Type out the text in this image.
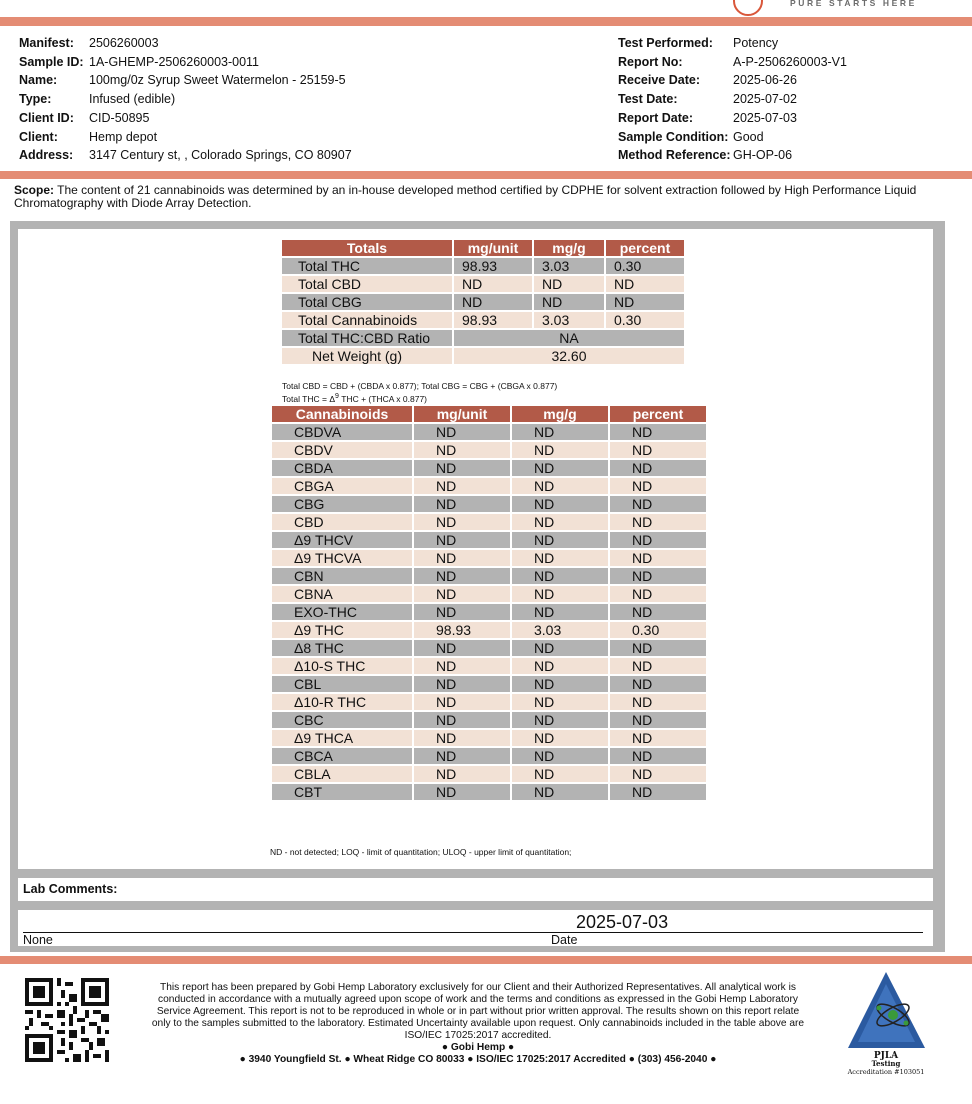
PURE STARTS HERE
Manifest:	2506260003
Sample ID: 1A-GHEMP-2506260003-0011
Name:	100mg/0z Syrup Sweet Watermelon - 25159-5
Type:	Infused (edible)
Client ID:	CID-50895
Client:	Hemp depot
Address:	3147 Century st, , Colorado Springs, CO 80907
Test Performed:	Potency
Report No:	A-P-2506260003-V1
Receive Date:	2025-06-26
Test Date:	2025-07-02
Report Date:	2025-07-03
Sample Condition: Good
Method Reference: GH-OP-06
Scope: The content of 21 cannabinoids was determined by an in-house developed method certified by CDPHE for solvent extraction followed by High Performance Liquid Chromatography with Diode Array Detection.
Totals	mg/unit	mg/g	percent
Total THC	98.93	3.03	0.30
Total CBD	ND	ND	ND
Total CBG	ND	ND	ND
Total Cannabinoids	98.93	3.03	0.30
Total THC:CBD Ratio	NA		
Net Weight (g)	32.60		
Total CBD = CBD + (CBDA x 0.877); Total CBG = CBG + (CBGA x 0.877)
Total THC = $\Delta^9$ THC + (THCA x 0.877)
Cannabinoids	mg/unit	mg/g	percent
CBDVA	ND	ND	ND
CBDV	ND	ND	ND
CBDA	ND	ND	ND
CBGA	ND	ND	ND
CBG	ND	ND	ND
CBD	ND	ND	ND
Δ9 THCV	ND	ND	ND
Δ9 THCVA	ND	ND	ND
CBN	ND	ND	ND
CBNA	ND	ND	ND
EXO-THC	ND	ND	ND
Δ9 THC	98.93	3.03	0.30
Δ8 THC	ND	ND	ND
Δ10-S THC	ND	ND	ND
CBL	ND	ND	ND
Δ10-R THC	ND	ND	ND
CBC	ND	ND	ND
Δ9 THCA	ND	ND	ND
CBCA	ND	ND	ND
CBLA	ND	ND	ND
CBT	ND	ND	ND
ND - not detected; LOQ - limit of quantitation; ULOQ - upper limit of quantitation;
Lab Comments:
2025-07-03
None	Date
This report has been prepared by Gobi Hemp Laboratory exclusively for our Client and their Authorized Representatives. All analytical work is conducted in accordance with a mutually agreed upon scope of work and the terms and conditions as expressed in the Gobi Hemp Laboratory Service Agreement. This report is not to be reproduced in whole or in part without prior written approval. The results shown on this report relate only to the samples submitted to the laboratory. Estimated Uncertainty available upon request. Only cannabinoids included in the table above are ISO/IEC 17025:2017 accredited.
● Gobi Hemp ●
● 3940 Youngfield St. ● Wheat Ridge CO 80033 ● ISO/IEC 17025:2017 Accredited ● (303) 456-2040 ●	PJLA
Testing
Accreditation #103051
